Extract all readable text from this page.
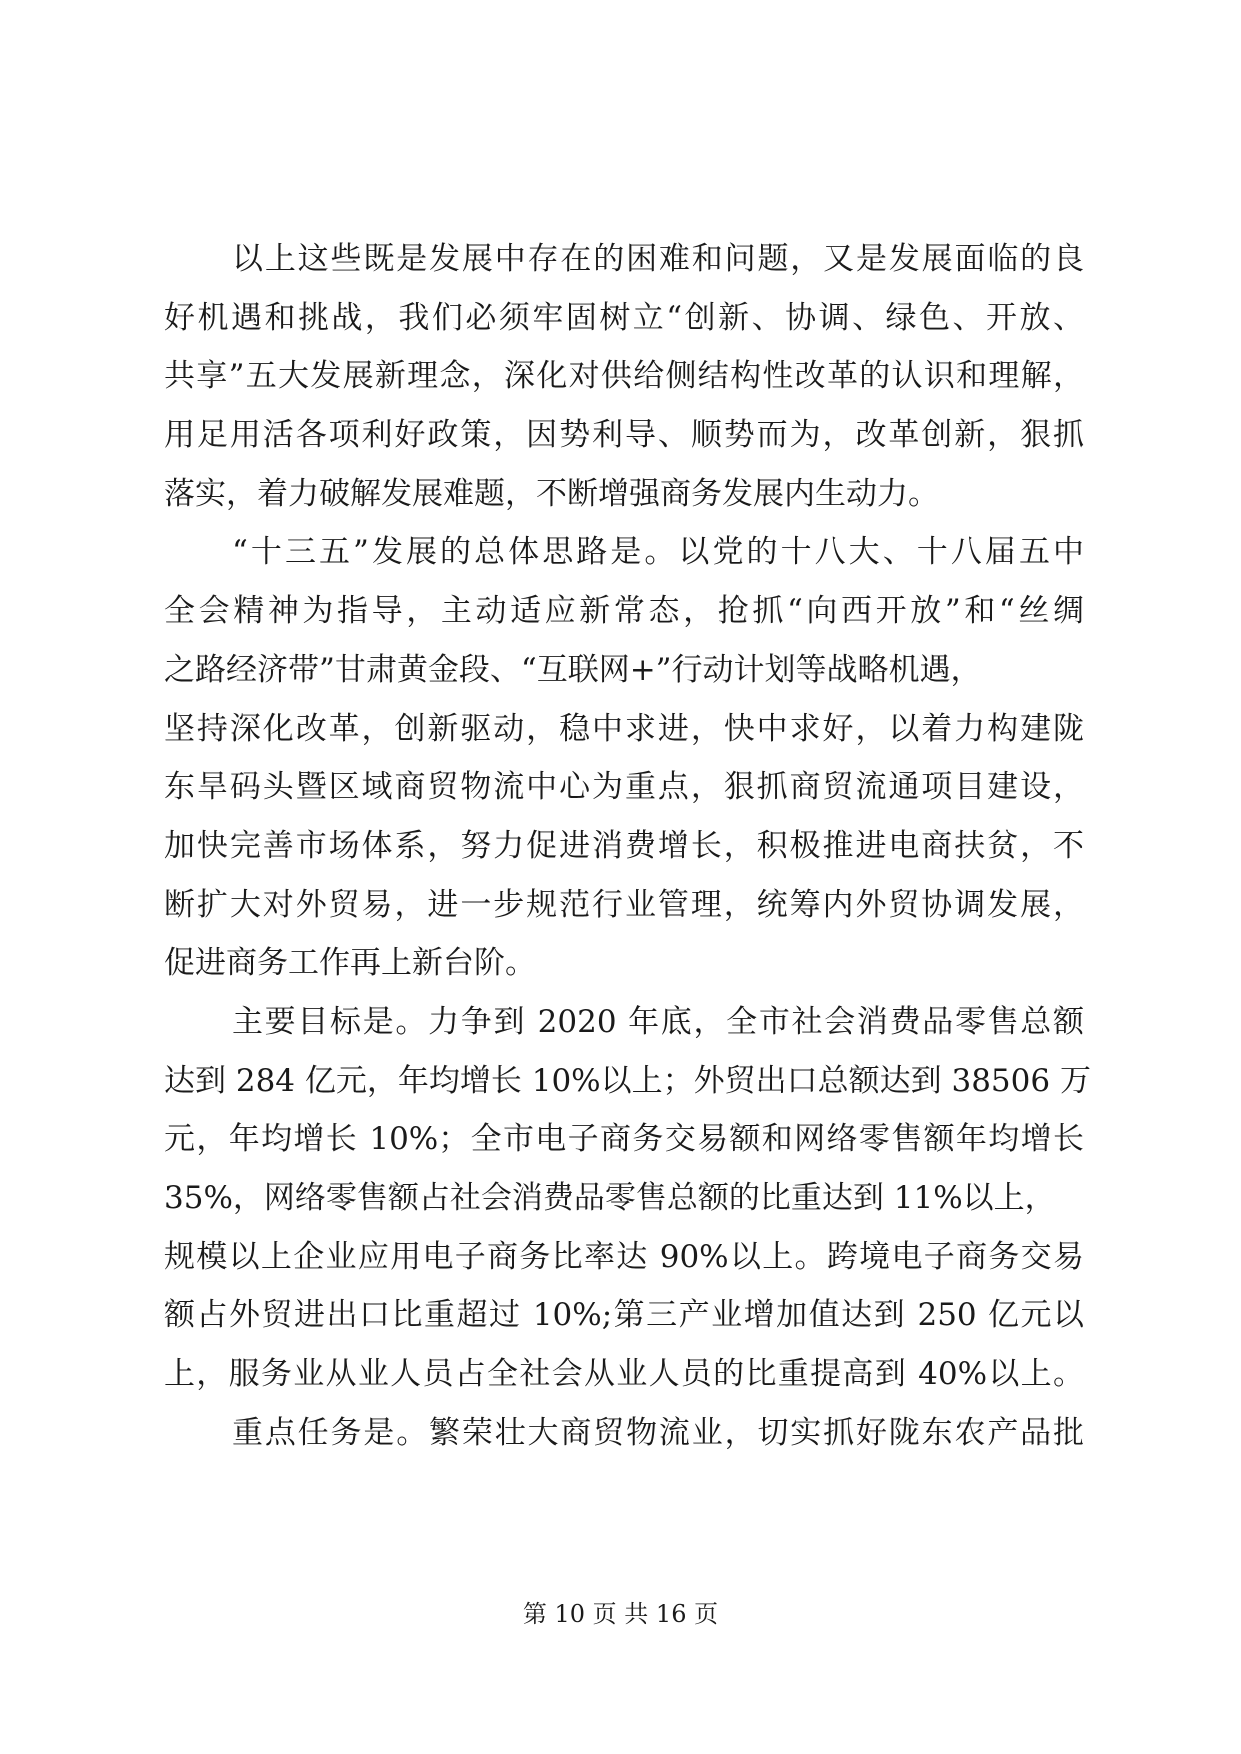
以上这些既是发展中存在的困难和问题，又是发展面临的良
好机遇和挑战，我们必须牢固树立“创新、协调、绿色、开放、
共享”五大发展新理念，深化对供给侧结构性改革的认识和理解，
用足用活各项利好政策，因势利导、顺势而为，改革创新，狠抓
落实，着力破解发展难题，不断增强商务发展内生动力。
“十三五”发展的总体思路是。以党的十八大、十八届五中
全会精神为指导，主动适应新常态，抢抓“向西开放”和“丝绸
之路经济带”甘肃黄金段、“互联网+”行动计划等战略机遇，
坚持深化改革，创新驱动，稳中求进，快中求好，以着力构建陇
东旱码头暨区域商贸物流中心为重点，狠抓商贸流通项目建设，
加快完善市场体系，努力促进消费增长，积极推进电商扶贫，不
断扩大对外贸易，进一步规范行业管理，统筹内外贸协调发展，
促进商务工作再上新台阶。
主要目标是。力争到 2020 年底，全市社会消费品零售总额
达到 284 亿元，年均增长 10%以上；外贸出口总额达到 38506 万
元，年均增长 10%；全市电子商务交易额和网络零售额年均增长
35%，网络零售额占社会消费品零售总额的比重达到 11%以上，
规模以上企业应用电子商务比率达 90%以上。跨境电子商务交易
额占外贸进出口比重超过 10%;第三产业增加值达到 250 亿元以
上，服务业从业人员占全社会从业人员的比重提高到 40%以上。
重点任务是。繁荣壮大商贸物流业，切实抓好陇东农产品批
第 10 页 共 16 页
